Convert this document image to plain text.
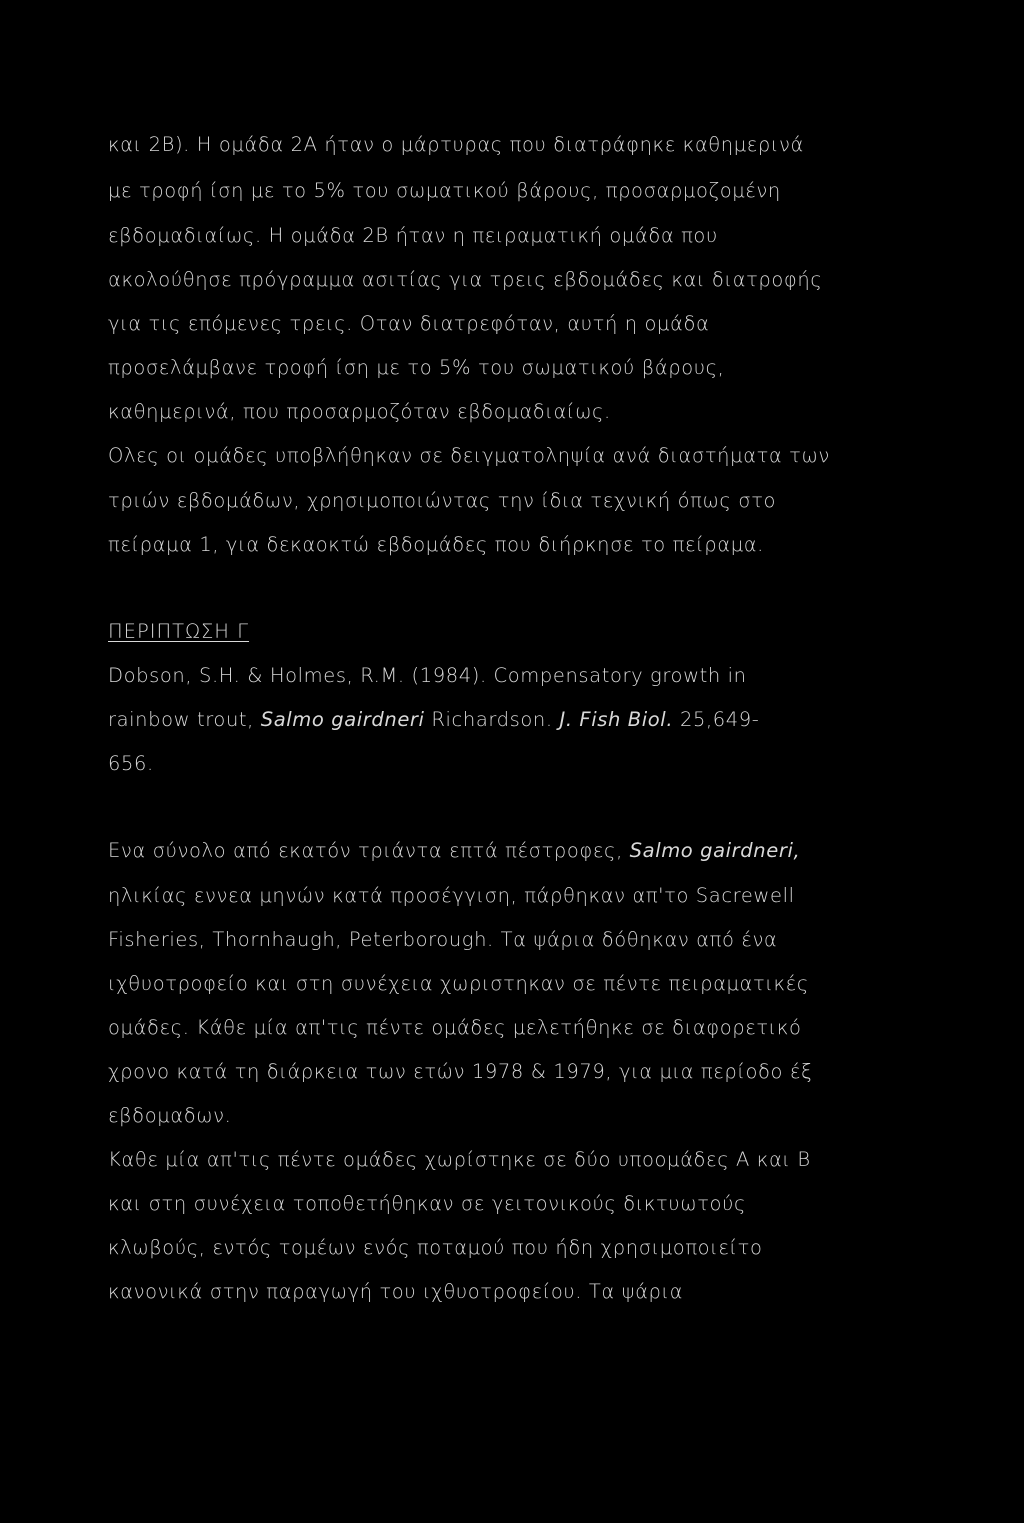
και 2Β). Η ομάδα 2Α ήταν ο μάρτυρας που διατράφηκε καθημερινά
με τροφή ίση με το 5% του σωματικού βάρους, προσαρμοζομένη
εβδομαδιαίως. Η ομάδα 2Β ήταν η πειραματική ομάδα που
ακολούθησε πρόγραμμα ασιτίας για τρεις εβδομάδες και διατροφής
για τις επόμενες τρεις. Οταν διατρεφόταν, αυτή η ομάδα
προσελάμβανε τροφή ίση με το 5% του σωματικού βάρους,
καθημερινά, που προσαρμοζόταν εβδομαδιαίως.
Ολες οι ομάδες υποβλήθηκαν σε δειγματοληψία ανά διαστήματα των
τριών εβδομάδων, χρησιμοποιώντας την ίδια τεχνική όπως στο
πείραμα 1, για δεκαοκτώ εβδομάδες που διήρκησε το πείραμα.
ΠΕΡΙΠΤΩΣΗ Γ
Dobson, S.H. & Holmes, R.M. (1984). Compensatory growth in
rainbow trout, Salmo gairdneri Richardson. J. Fish Biol. 25,649-
656.
Ενα σύνολο από εκατόν τριάντα επτά πέστροφες, Salmo gairdneri,
ηλικίας εννεα μηνών κατά προσέγγιση, πάρθηκαν απ'το Sacrewell
Fisheries, Thornhaugh, Peterborough. Τα ψάρια δόθηκαν από ένα
ιχθυοτροφείο και στη συνέχεια χωριστηκαν σε πέντε πειραματικές
ομάδες. Κάθε μία απ'τις πέντε ομάδες μελετήθηκε σε διαφορετικό
χρονο κατά τη διάρκεια των ετών 1978 & 1979, για μια περίοδο έξ
εβδομαδων.
Καθε μία απ'τις πέντε ομάδες χωρίστηκε σε δύο υποομάδες Α και Β
και στη συνέχεια τοποθετήθηκαν σε γειτονικούς δικτυωτούς
κλωβούς, εντός τομέων ενός ποταμού που ήδη χρησιμοποιείτο
κανονικά στην παραγωγή του ιχθυοτροφείου. Τα ψάρια
